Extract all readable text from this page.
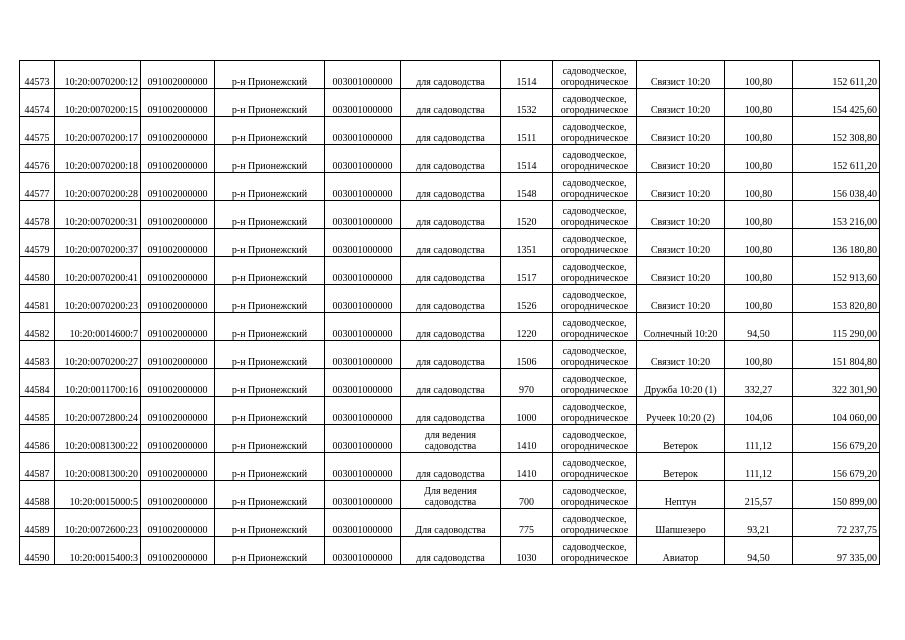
44573	10:20:0070200:12	091002000000	р-н Прионежский	003001000000	для садоводства	1514	садоводческое,
огородническое	Связист 10:20	100,80	152 611,20
44574	10:20:0070200:15	091002000000	р-н Прионежский	003001000000	для садоводства	1532	садоводческое,
огородническое	Связист 10:20	100,80	154 425,60
44575	10:20:0070200:17	091002000000	р-н Прионежский	003001000000	для садоводства	1511	садоводческое,
огородническое	Связист 10:20	100,80	152 308,80
44576	10:20:0070200:18	091002000000	р-н Прионежский	003001000000	для садоводства	1514	садоводческое,
огородническое	Связист 10:20	100,80	152 611,20
44577	10:20:0070200:28	091002000000	р-н Прионежский	003001000000	для садоводства	1548	садоводческое,
огородническое	Связист 10:20	100,80	156 038,40
44578	10:20:0070200:31	091002000000	р-н Прионежский	003001000000	для садоводства	1520	садоводческое,
огородническое	Связист 10:20	100,80	153 216,00
44579	10:20:0070200:37	091002000000	р-н Прионежский	003001000000	для садоводства	1351	садоводческое,
огородническое	Связист 10:20	100,80	136 180,80
44580	10:20:0070200:41	091002000000	р-н Прионежский	003001000000	для садоводства	1517	садоводческое,
огородническое	Связист 10:20	100,80	152 913,60
44581	10:20:0070200:23	091002000000	р-н Прионежский	003001000000	для садоводства	1526	садоводческое,
огородническое	Связист 10:20	100,80	153 820,80
44582	10:20:0014600:7	091002000000	р-н Прионежский	003001000000	для садоводства	1220	садоводческое,
огородническое	Солнечный 10:20	94,50	115 290,00
44583	10:20:0070200:27	091002000000	р-н Прионежский	003001000000	для садоводства	1506	садоводческое,
огородническое	Связист 10:20	100,80	151 804,80
44584	10:20:0011700:16	091002000000	р-н Прионежский	003001000000	для садоводства	970	садоводческое,
огородническое	Дружба 10:20 (1)	332,27	322 301,90
44585	10:20:0072800:24	091002000000	р-н Прионежский	003001000000	для садоводства	1000	садоводческое,
огородническое	Ручеек 10:20 (2)	104,06	104 060,00
44586	10:20:0081300:22	091002000000	р-н Прионежский	003001000000	для ведения
садоводства	1410	садоводческое,
огородническое	Ветерок	111,12	156 679,20
44587	10:20:0081300:20	091002000000	р-н Прионежский	003001000000	для садоводства	1410	садоводческое,
огородническое	Ветерок	111,12	156 679,20
44588	10:20:0015000:5	091002000000	р-н Прионежский	003001000000	Для ведения
садоводства	700	садоводческое,
огородническое	Нептун	215,57	150 899,00
44589	10:20:0072600:23	091002000000	р-н Прионежский	003001000000	Для садоводства	775	садоводческое,
огородническое	Шапшезеро	93,21	72 237,75
44590	10:20:0015400:3	091002000000	р-н Прионежский	003001000000	для садоводства	1030	садоводческое,
огородническое	Авиатор	94,50	97 335,00
